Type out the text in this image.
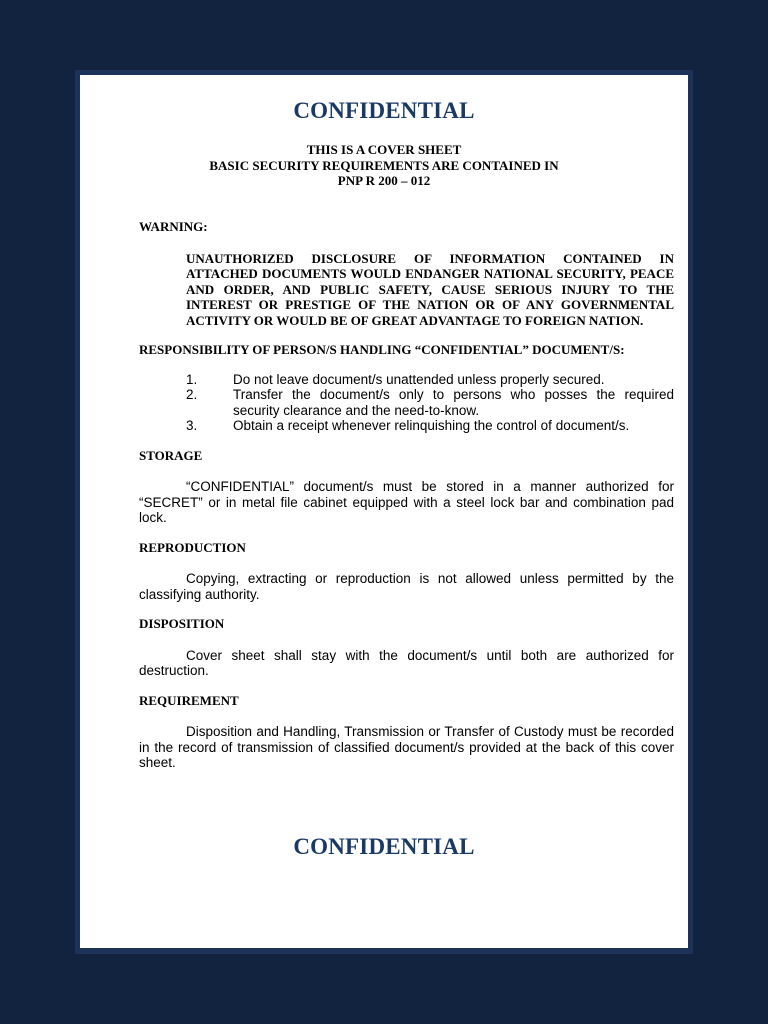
CONFIDENTIAL
THIS IS A COVER SHEET
BASIC SECURITY REQUIREMENTS ARE CONTAINED IN
PNP R 200 – 012

WARNING:

UNAUTHORIZED DISCLOSURE OF INFORMATION CONTAINED IN ATTACHED DOCUMENTS WOULD ENDANGER NATIONAL SECURITY, PEACE AND ORDER, AND PUBLIC SAFETY, CAUSE SERIOUS INJURY TO THE INTEREST OR PRESTIGE OF THE NATION OR OF ANY GOVERNMENTAL ACTIVITY OR WOULD BE OF GREAT ADVANTAGE TO FOREIGN NATION.

RESPONSIBILITY OF PERSON/S HANDLING “CONFIDENTIAL” DOCUMENT/S:

1.	Do not leave document/s unattended unless properly secured.
2.	Transfer the document/s only to persons who posses the required security clearance and the need-to-know.
3.	Obtain a receipt whenever relinquishing the control of document/s.

STORAGE

“CONFIDENTIAL” document/s must be stored in a manner authorized for “SECRET” or in metal file cabinet equipped with a steel lock bar and combination pad lock.

REPRODUCTION

Copying, extracting or reproduction is not allowed unless permitted by the classifying authority.

DISPOSITION

Cover sheet shall stay with the document/s until both are authorized for destruction.

REQUIREMENT

Disposition and Handling, Transmission or Transfer of Custody must be recorded in the record of transmission of classified document/s provided at the back of this cover sheet.

CONFIDENTIAL
